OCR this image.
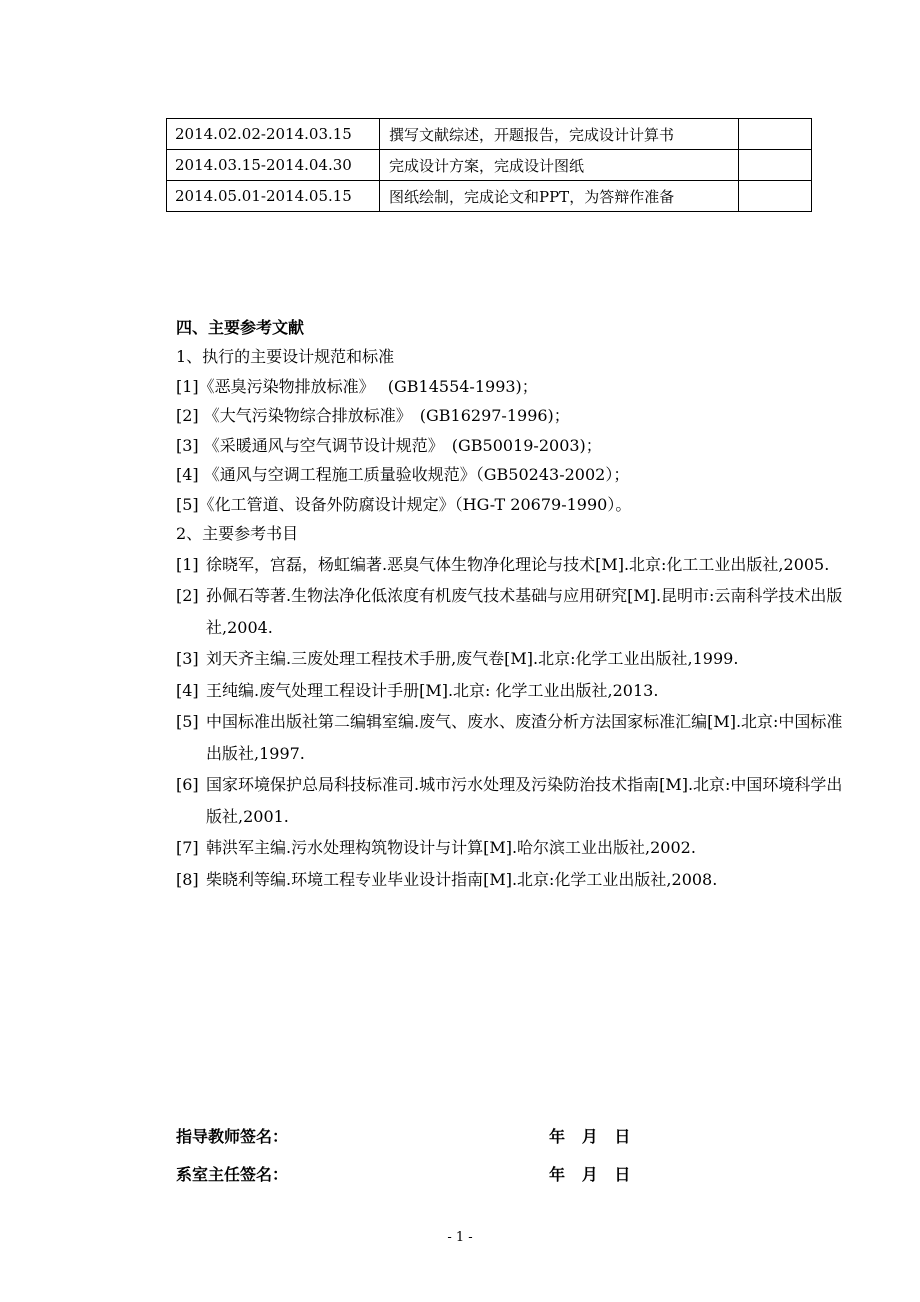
2014.02.02-2014.03.15	撰写文献综述，开题报告，完成设计计算书	
2014.03.15-2014.04.30	完成设计方案，完成设计图纸	
2014.05.01-2014.05.15	图纸绘制，完成论文和PPT，为答辩作准备	
四、主要参考文献
1、执行的主要设计规范和标准
[1]《恶臭污染物排放标准》　 (GB14554-1993)；
[2] 《大气污染物综合排放标准》　(GB16297-1996)；
[3] 《采暖通风与空气调节设计规范》　(GB50019-2003)；
[4] 《通风与空调工程施工质量验收规范》（GB50243-2002）；
[5]《化工管道、设备外防腐设计规定》（HG-T 20679-1990）。
2、主要参考书目
[1] 徐晓军，宫磊，杨虹编著.恶臭气体生物净化理论与技术[M].北京:化工工业出版社,2005.
[2] 孙佩石等著.生物法净化低浓度有机废气技术基础与应用研究[M].昆明市:云南科学技术出版社,2004.
[3] 刘天齐主编.三废处理工程技术手册,废气卷[M].北京:化学工业出版社,1999.
[4] 王纯编.废气处理工程设计手册[M].北京: 化学工业出版社,2013.
[5] 中国标准出版社第二编辑室编.废气、废水、废渣分析方法国家标准汇编[M].北京:中国标准出版社,1997.
[6] 国家环境保护总局科技标准司.城市污水处理及污染防治技术指南[M].北京:中国环境科学出版社,2001.
[7] 韩洪军主编.污水处理构筑物设计与计算[M].哈尔滨工业出版社,2002.
[8] 柴晓利等编.环境工程专业毕业设计指南[M].北京:化学工业出版社,2008.
指导教师签名：	年   月   日
系室主任签名：	年   月   日
- 1 -
